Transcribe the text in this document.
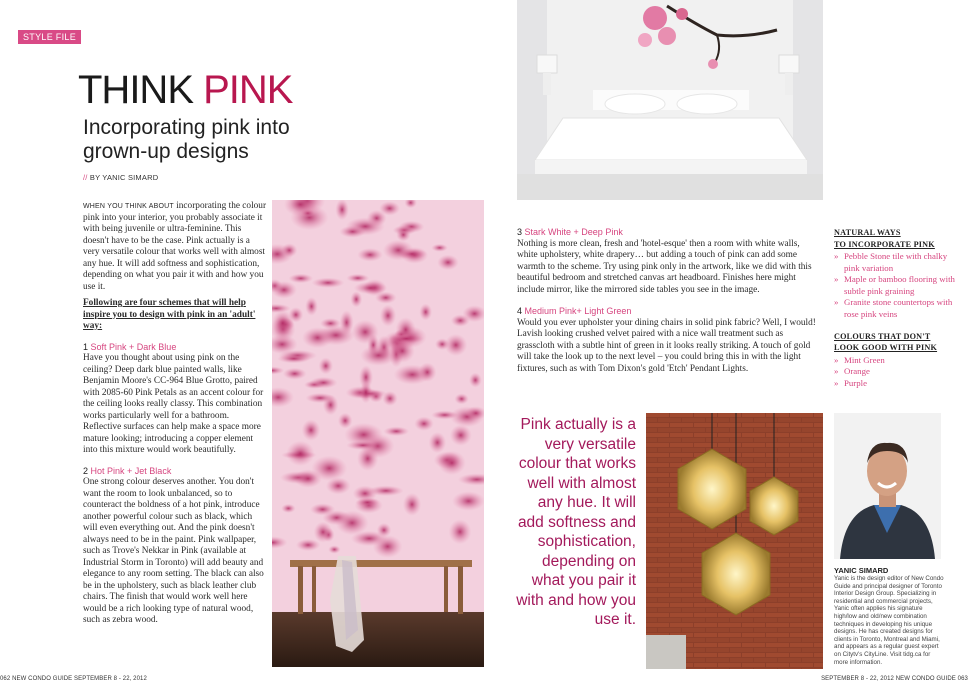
STYLE FILE
THINK PINK
Incorporating pink into grown-up designs
// BY YANIC SIMARD

WHEN YOU THINK ABOUT incorporating the colour pink into your interior, you probably associate it with being juvenile or ultra-feminine. This doesn't have to be the case. Pink actually is a very versatile colour that works well with almost any hue. It will add softness and sophistication, depending on what you pair it with and how you use it.

Following are four schemes that will help inspire you to design with pink in an 'adult' way:

1 Soft Pink + Dark Blue

Have you thought about using pink on the ceiling? Deep dark blue painted walls, like Benjamin Moore's CC-964 Blue Grotto, paired with 2085-60 Pink Petals as an accent colour for the ceiling looks really classy. This combination works particularly well for a bathroom. Reflective surfaces can help make a space more mature looking; introducing a copper element into this mixture would work beautifully.

2 Hot Pink + Jet Black

One strong colour deserves another. You don't want the room to look unbalanced, so to counteract the boldness of a hot pink, introduce another powerful colour such as black, which will even everything out. And the pink doesn't always need to be in the paint. Pink wallpaper, such as Trove's Nekkar in Pink (available at Industrial Storm in Toronto) will add beauty and elegance to any room setting. The black can also be in the upholstery, such as black leather club chairs. The finish that would work well here would be a rich looking type of natural wood, such as zebra wood.

3 Stark White + Deep Pink

Nothing is more clean, fresh and 'hotel-esque' then a room with white walls, white upholstery, white drapery… but adding a touch of pink can add some warmth to the scheme. Try using pink only in the artwork, like we did with this beautiful bedroom and stretched canvas art headboard. Finishes here might include mirror, like the mirrored side tables you see in the image.

4 Medium Pink+ Light Green

Would you ever upholster your dining chairs in solid pink fabric? Well, I would! Lavish looking crushed velvet paired with a nice wall treatment such as grasscloth with a subtle hint of green in it looks really striking. A touch of gold will take the look up to the next level – you could bring this in with the light fixtures, such as with Tom Dixon's gold 'Etch' Pendant Lights.

Pink actually is a very versatile colour that works well with almost any hue. It will add softness and sophistication, depending on what you pair it with and how you use it.

NATURAL WAYS

TO INCORPORATE PINK

» Pebble Stone tile with chalky pink variation
» Maple or bamboo flooring with subtle pink graining
» Granite stone countertops with rose pink veins

COLOURS THAT DON'T

LOOK GOOD WITH PINK

» Mint Green
» Orange
» Purple
YANIC SIMARD
Yanic is the design editor of New Condo Guide and principal designer of Toronto Interior Design Group. Specializing in residential and commercial projects, Yanic often applies his signature high/low and old/new combination techniques in developing his unique designs. He has created designs for clients in Toronto, Montreal and Miami, and appears as a regular guest expert on Citytv's CityLine. Visit tidg.ca for more information.
062 NEW CONDO GUIDE SEPTEMBER 8 - 22, 2012	SEPTEMBER 8 - 22, 2012 NEW CONDO GUIDE 063
